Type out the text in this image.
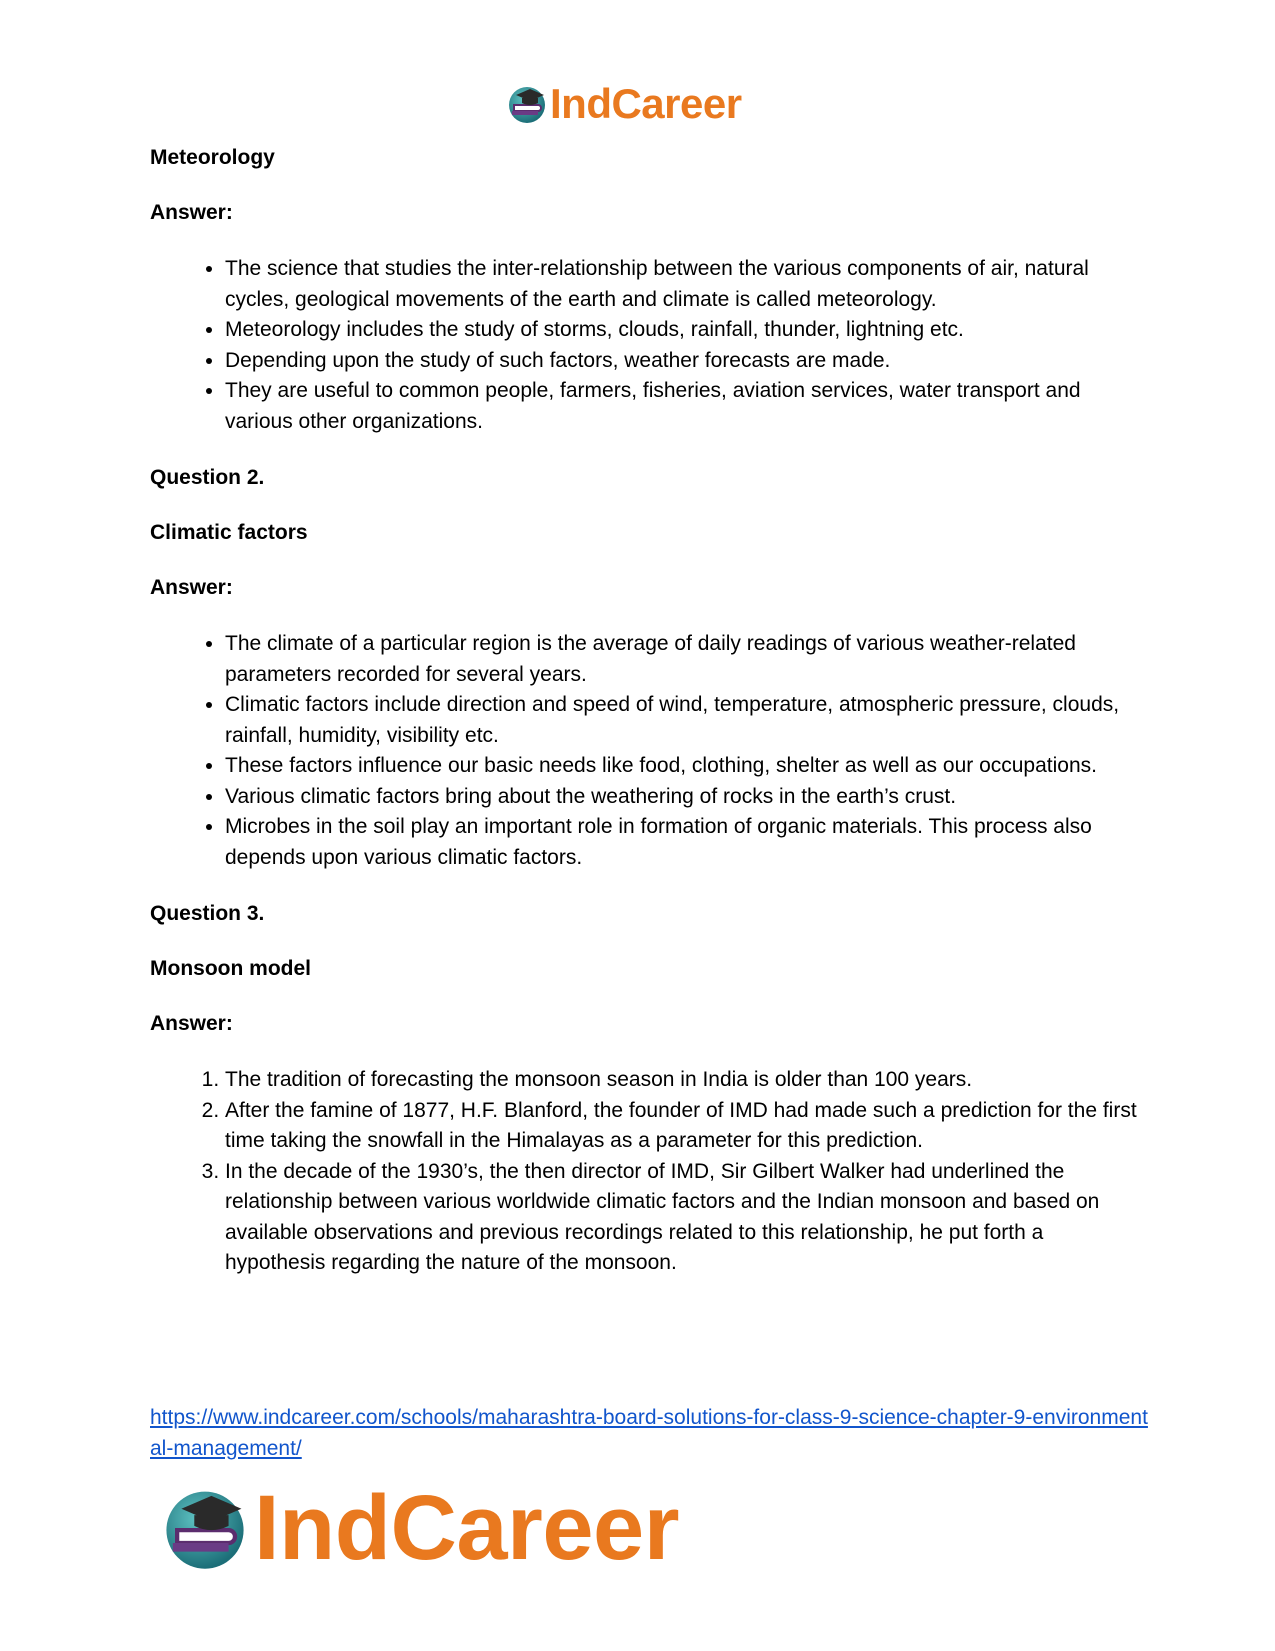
IndCareer
Meteorology
Answer:
• The science that studies the inter-relationship between the various components of air, natural cycles, geological movements of the earth and climate is called meteorology.
• Meteorology includes the study of storms, clouds, rainfall, thunder, lightning etc.
• Depending upon the study of such factors, weather forecasts are made.
• They are useful to common people, farmers, fisheries, aviation services, water transport and various other organizations.
Question 2.
Climatic factors
Answer:
• The climate of a particular region is the average of daily readings of various weather-related parameters recorded for several years.
• Climatic factors include direction and speed of wind, temperature, atmospheric pressure, clouds, rainfall, humidity, visibility etc.
• These factors influence our basic needs like food, clothing, shelter as well as our occupations.
• Various climatic factors bring about the weathering of rocks in the earth’s crust.
• Microbes in the soil play an important role in formation of organic materials. This process also depends upon various climatic factors.
Question 3.
Monsoon model
Answer:
1. The tradition of forecasting the monsoon season in India is older than 100 years.
2. After the famine of 1877, H.F. Blanford, the founder of IMD had made such a prediction for the first time taking the snowfall in the Himalayas as a parameter for this prediction.
3. In the decade of the 1930’s, the then director of IMD, Sir Gilbert Walker had underlined the relationship between various worldwide climatic factors and the Indian monsoon and based on available observations and previous recordings related to this relationship, he put forth a hypothesis regarding the nature of the monsoon.
https://www.indcareer.com/schools/maharashtra-board-solutions-for-class-9-science-chapter-9-environmental-management/
IndCareer
